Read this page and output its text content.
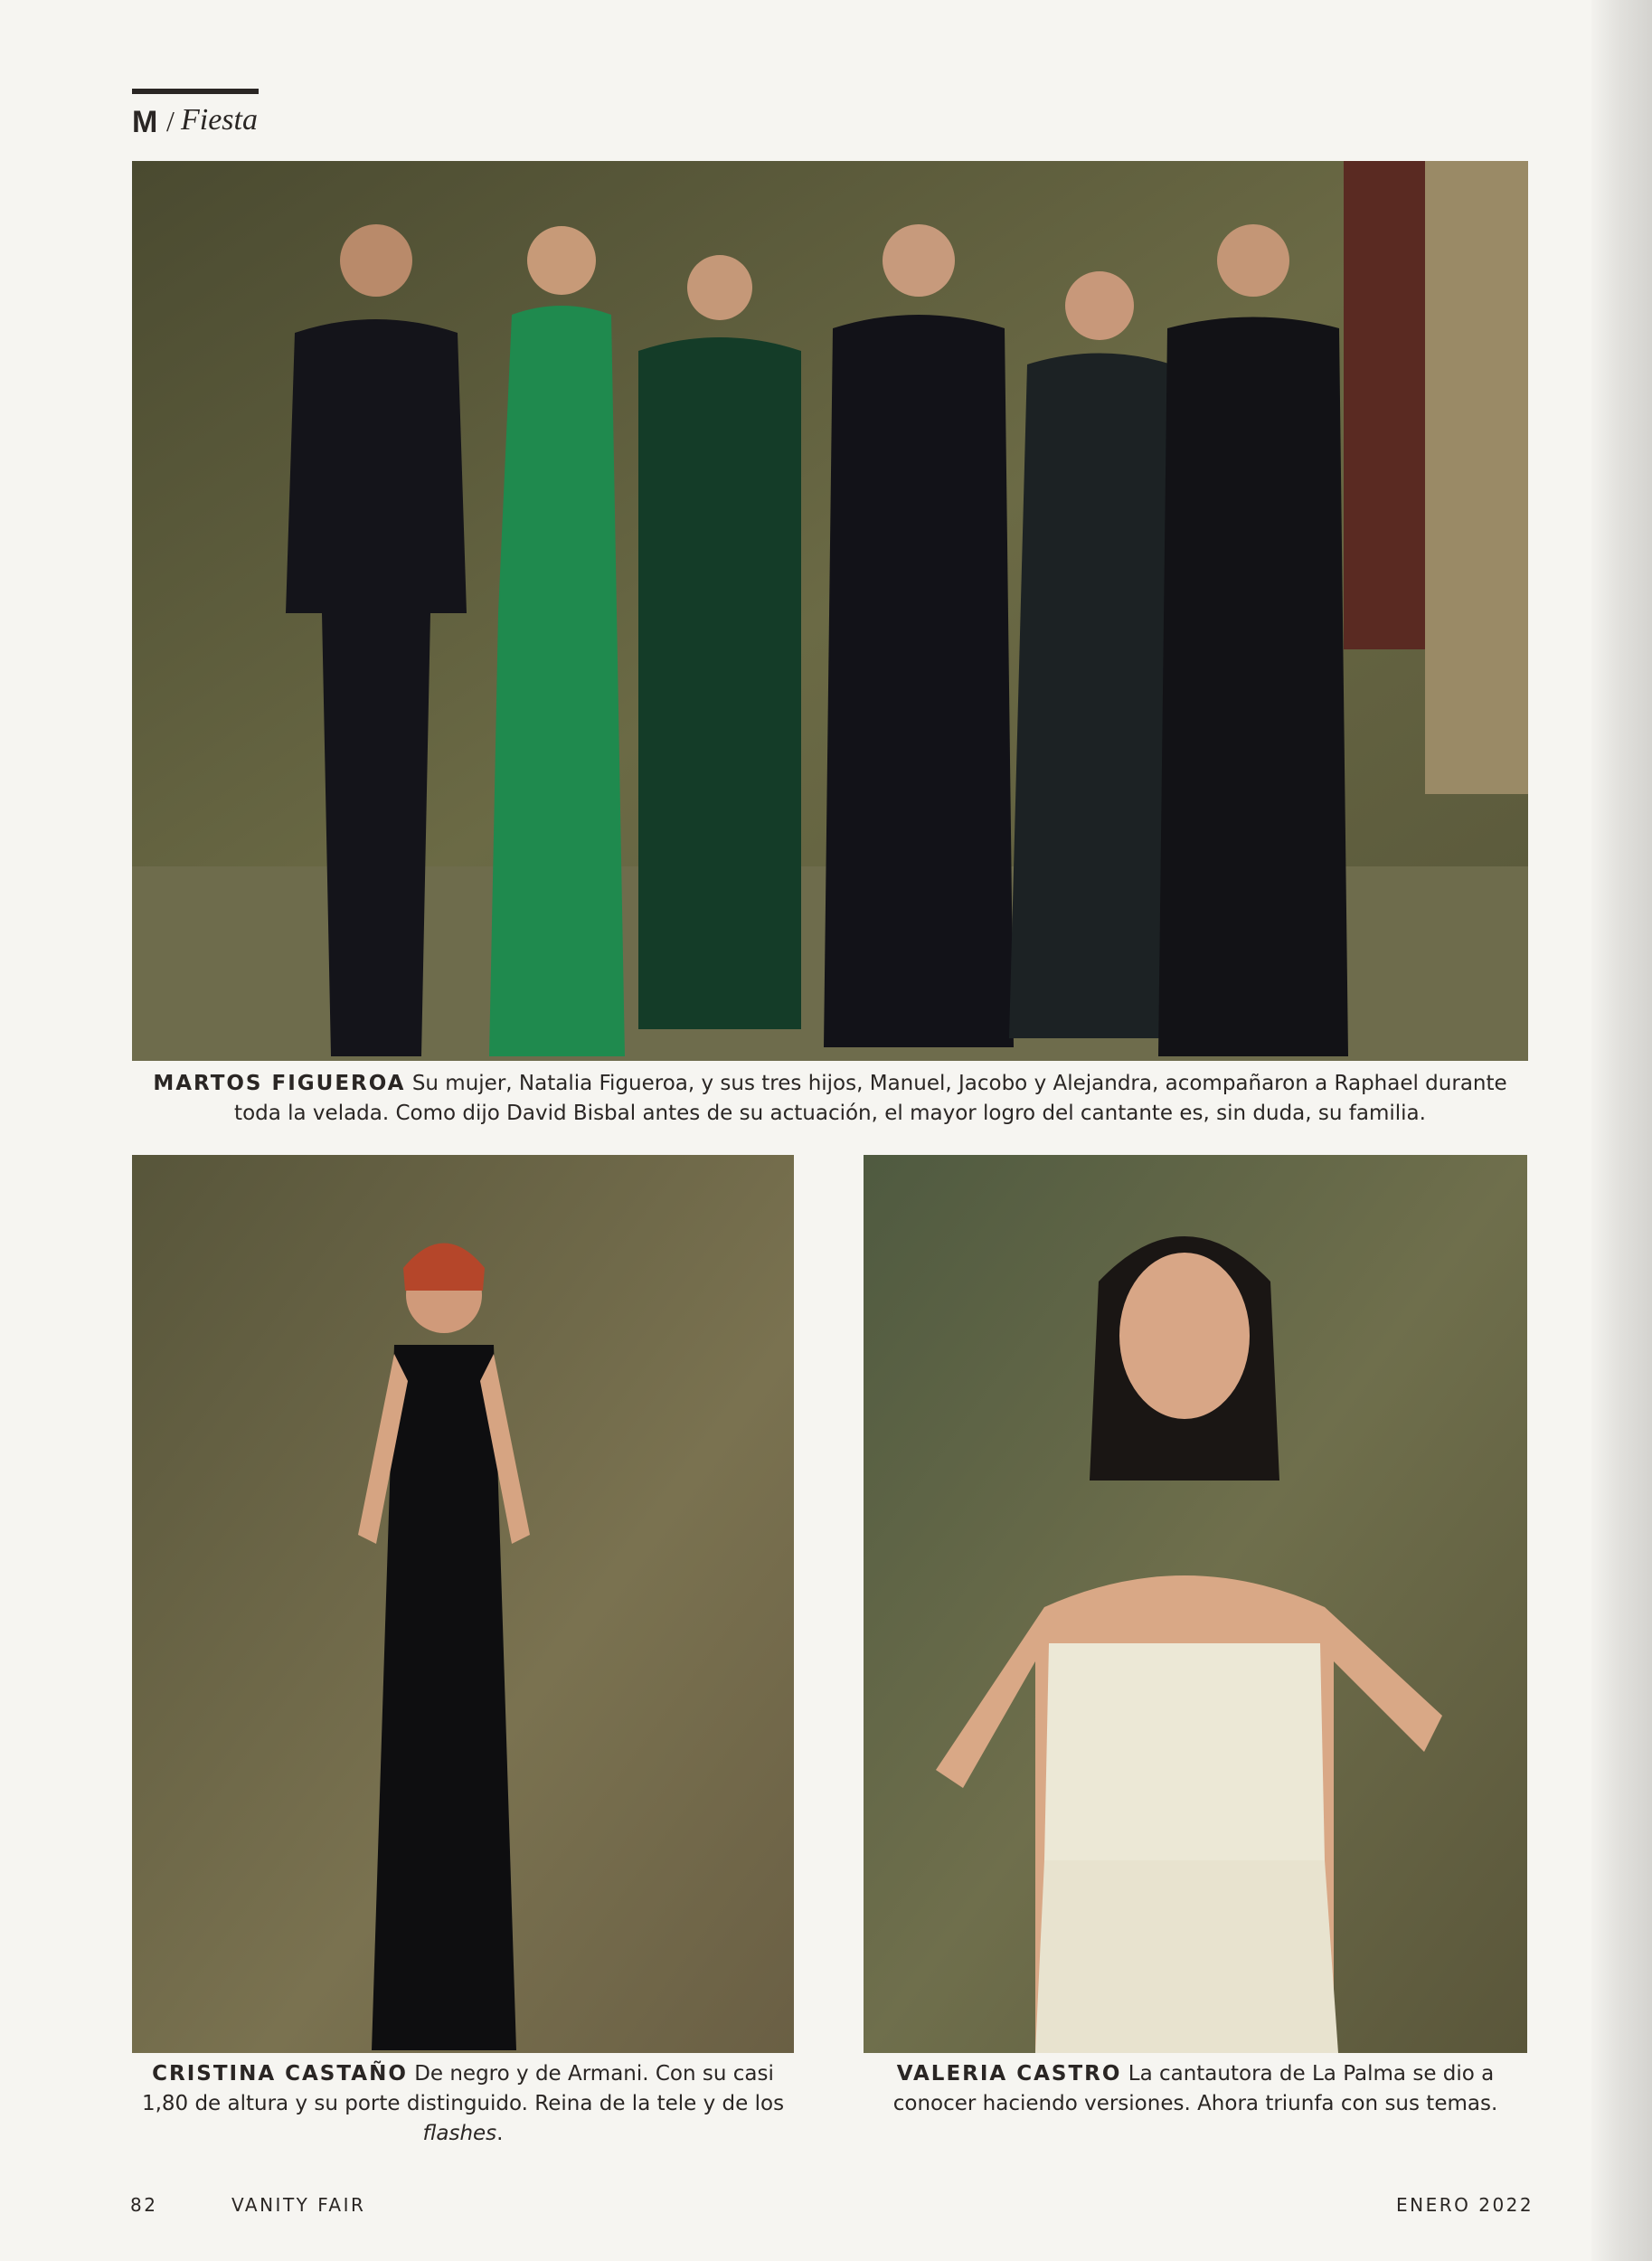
M / Fiesta
MARTOS FIGUEROA Su mujer, Natalia Figueroa, y sus tres hijos, Manuel, Jacobo y Alejandra, acompañaron a Raphael durante toda la velada. Como dijo David Bisbal antes de su actuación, el mayor logro del cantante es, sin duda, su familia.
CRISTINA CASTAÑO De negro y de Armani. Con su casi 1,80 de altura y su porte distinguido. Reina de la tele y de los flashes.
VALERIA CASTRO La cantautora de La Palma se dio a conocer haciendo versiones. Ahora triunfa con sus temas.
82	VANITY FAIR	ENERO 2022
